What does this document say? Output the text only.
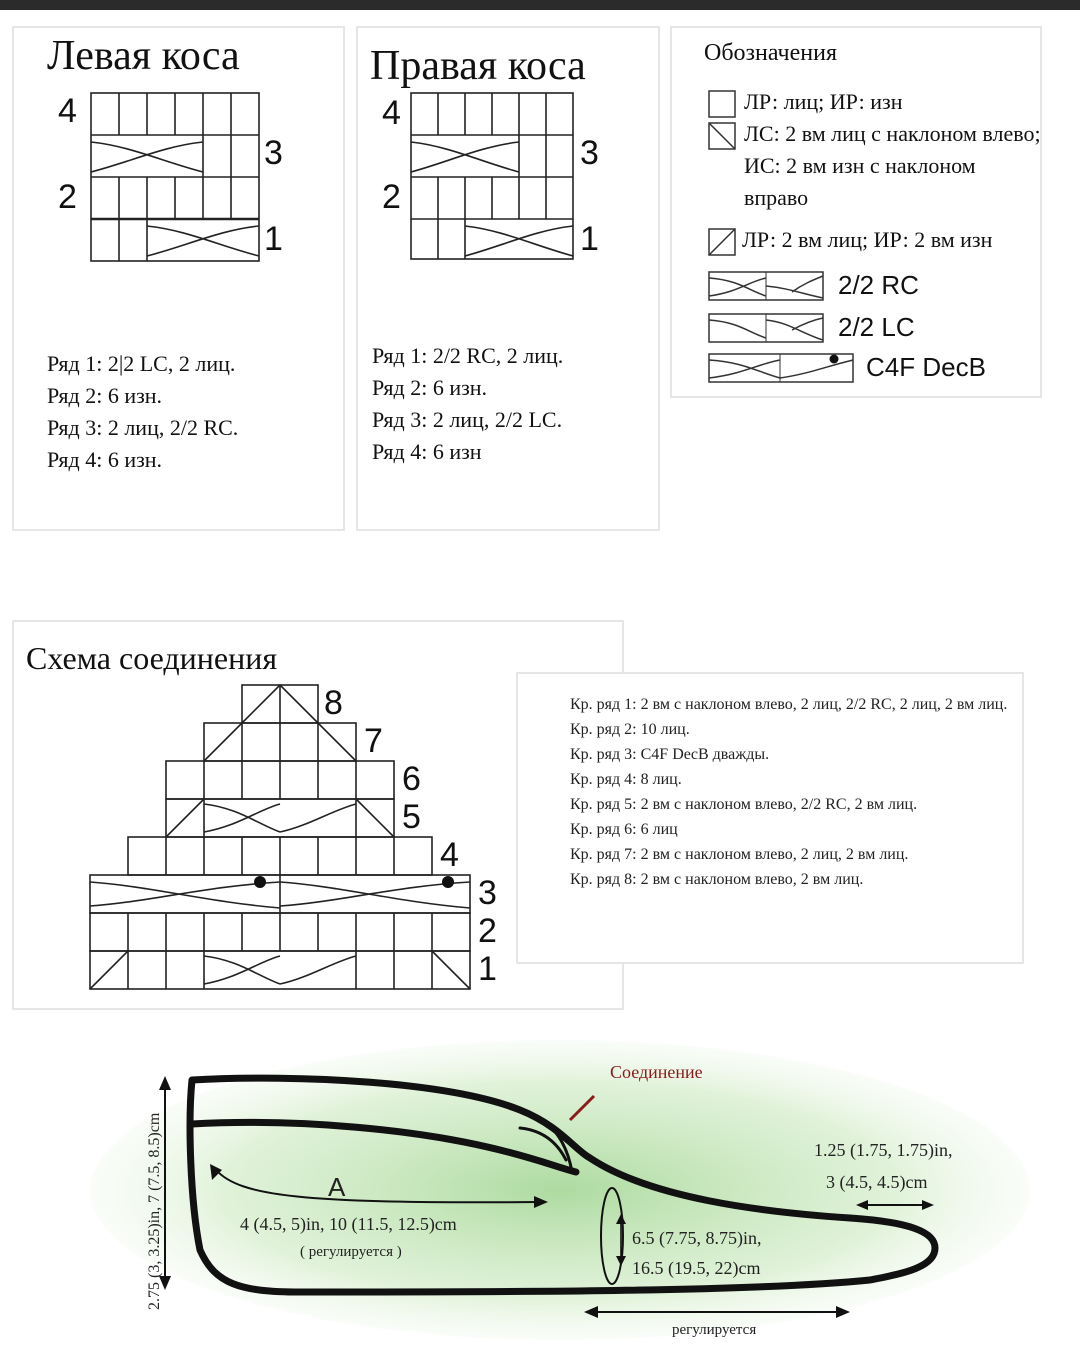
Левая коса
4
3
2
1
Ряд 1: 2|2 LC, 2 лиц.
Ряд 2: 6 изн.
Ряд 3: 2 лиц, 2/2 RC.
Ряд 4: 6 изн.
Правая коса
4
3
2
1
Ряд 1: 2/2 RC, 2 лиц.
Ряд 2: 6 изн.
Ряд 3: 2 лиц, 2/2 LC.
Ряд 4: 6 изн
Обозначения
ЛР: лиц; ИР: изн
ЛС: 2 вм лиц с наклоном влево; ИС: 2 вм изн с наклоном вправо
ЛР: 2 вм лиц; ИР: 2 вм изн
2/2 RC
2/2 LC
C4F DecB
Схема соединения
8
7
6
5
4
3
2
1
Кр. ряд 1: 2 вм с наклоном влево, 2 лиц, 2/2 RC, 2 лиц, 2 вм лиц.
Кр. ряд 2: 10 лиц.
Кр. ряд 3: C4F DecB дважды.
Кр. ряд 4: 8 лиц.
Кр. ряд 5: 2 вм с наклоном влево, 2/2 RC, 2 вм лиц.
Кр. ряд 6: 6 лиц
Кр. ряд 7: 2 вм с наклоном влево, 2 лиц, 2 вм лиц.
Кр. ряд 8: 2 вм с наклоном влево, 2 вм лиц.
Соединение
2.75 (3, 3.25)in, 7 (7.5, 8.5)cm	A
4 (4.5, 5)in, 10 (11.5, 12.5)cm
( регулируется )
1.25 (1.75, 1.75)in,
3 (4.5, 4.5)cm
6.5 (7.75, 8.75)in,
16.5 (19.5, 22)cm
регулируется
